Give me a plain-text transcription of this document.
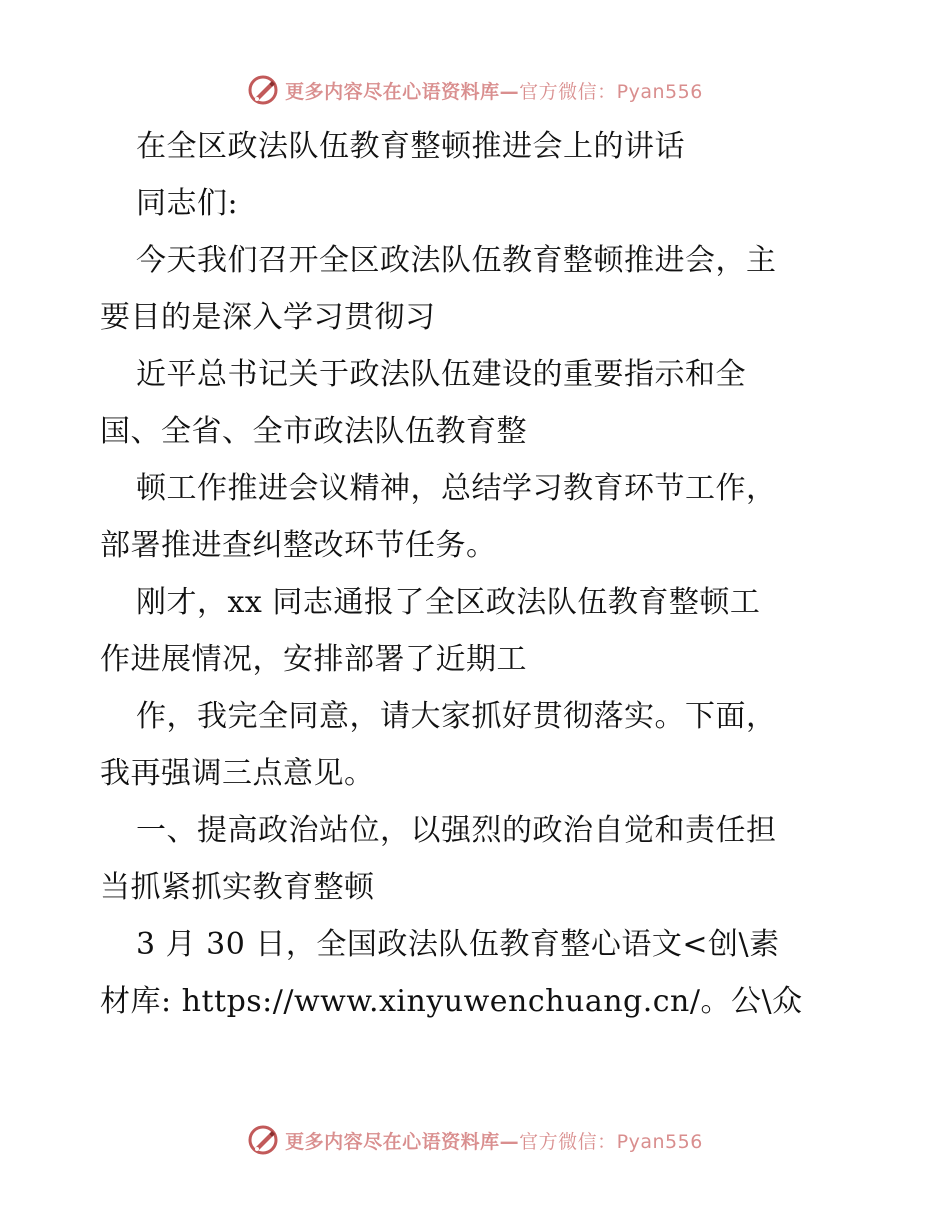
更多内容尽在心语资料库—官方微信：Pyan556
在全区政法队伍教育整顿推进会上的讲话
同志们:
今天我们召开全区政法队伍教育整顿推进会，主
要目的是深入学习贯彻习
近平总书记关于政法队伍建设的重要指示和全
国、全省、全市政法队伍教育整
顿工作推进会议精神，总结学习教育环节工作，
部署推进查纠整改环节任务。
刚才，xx 同志通报了全区政法队伍教育整顿工
作进展情况，安排部署了近期工
作，我完全同意，请大家抓好贯彻落实。下面，
我再强调三点意见。
一、提高政治站位，以强烈的政治自觉和责任担
当抓紧抓实教育整顿
3 月 30 日，全国政法队伍教育整心语文<创\素
材库: https://www.xinyuwenchuang.cn/。公\众
更多内容尽在心语资料库—官方微信：Pyan556
